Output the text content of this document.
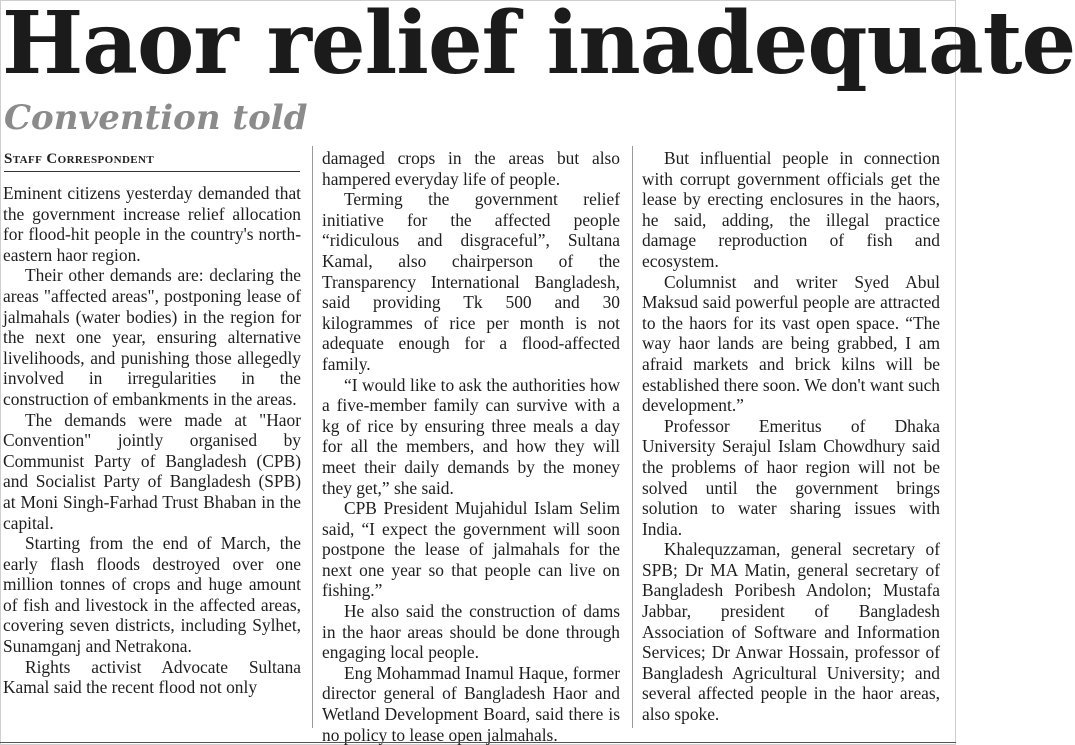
Haor relief inadequate
Convention told
Staff Correspondent

Eminent citizens yesterday demanded that the government increase relief allocation for flood-hit people in the country's north-eastern haor region.

Their other demands are: declaring the areas "affected areas", postponing lease of jalmahals (water bodies) in the region for the next one year, ensuring alternative livelihoods, and punishing those allegedly involved in irregularities in the construction of embankments in the areas.

The demands were made at "Haor Convention" jointly organised by Communist Party of Bangladesh (CPB) and Socialist Party of Bangladesh (SPB) at Moni Singh-Farhad Trust Bhaban in the capital.

Starting from the end of March, the early flash floods destroyed over one million tonnes of crops and huge amount of fish and livestock in the affected areas, covering seven districts, including Sylhet, Sunamganj and Netrakona.

Rights activist Advocate Sultana Kamal said the recent flood not only

damaged crops in the areas but also hampered everyday life of people.

Terming the government relief initiative for the affected people “ridiculous and disgraceful”, Sultana Kamal, also chairperson of the Transparency International Bangladesh, said providing Tk 500 and 30 kilogrammes of rice per month is not adequate enough for a flood-affected family.

“I would like to ask the authorities how a five-member family can survive with a kg of rice by ensuring three meals a day for all the members, and how they will meet their daily demands by the money they get,” she said.

CPB President Mujahidul Islam Selim said, “I expect the government will soon postpone the lease of jalmahals for the next one year so that people can live on fishing.”

He also said the construction of dams in the haor areas should be done through engaging local people.

Eng Mohammad Inamul Haque, former director general of Bangladesh Haor and Wetland Development Board, said there is no policy to lease open jalmahals.

But influential people in connection with corrupt government officials get the lease by erecting enclosures in the haors, he said, adding, the illegal practice damage reproduction of fish and ecosystem.

Columnist and writer Syed Abul Maksud said powerful people are attracted to the haors for its vast open space. “The way haor lands are being grabbed, I am afraid markets and brick kilns will be established there soon. We don't want such development.”

Professor Emeritus of Dhaka University Serajul Islam Chowdhury said the problems of haor region will not be solved until the government brings solution to water sharing issues with India.

Khalequzzaman, general secretary of SPB; Dr MA Matin, general secretary of Bangladesh Poribesh Andolon; Mustafa Jabbar, president of Bangladesh Association of Software and Information Services; Dr Anwar Hossain, professor of Bangladesh Agricultural University; and several affected people in the haor areas, also spoke.
